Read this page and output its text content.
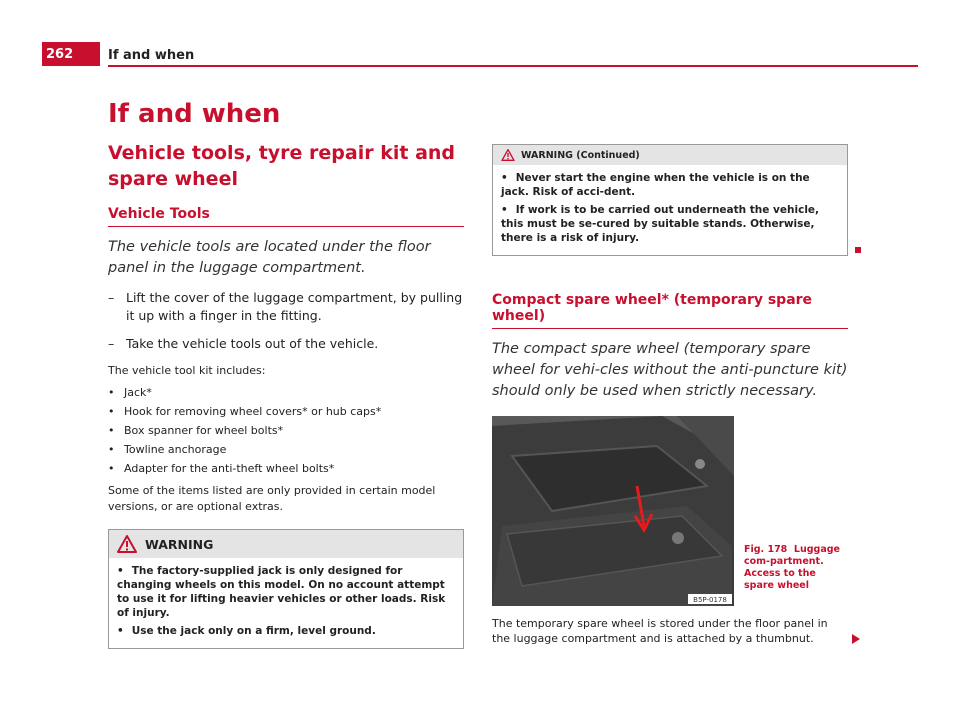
262	If and when
If and when
Vehicle tools, tyre repair kit and spare wheel
Vehicle Tools

The vehicle tools are located under the floor panel in the luggage compartment.

– Lift the cover of the luggage compartment, by pulling it up with a finger in the fitting.
– Take the vehicle tools out of the vehicle.

The vehicle tool kit includes:

• Jack*
• Hook for removing wheel covers* or hub caps*
• Box spanner for wheel bolts*
• Towline anchorage
• Adapter for the anti-theft wheel bolts*

Some of the items listed are only provided in certain model versions, or are optional extras.

WARNING
• The factory-supplied jack is only designed for changing wheels on this model. On no account attempt to use it for lifting heavier vehicles or other loads. Risk of injury.
• Use the jack only on a firm, level ground.
WARNING (Continued)
• Never start the engine when the vehicle is on the jack. Risk of acci-dent.
• If work is to be carried out underneath the vehicle, this must be se-cured by suitable stands. Otherwise, there is a risk of injury.
Compact spare wheel* (temporary spare wheel)

The compact spare wheel (temporary spare wheel for vehi-cles without the anti-puncture kit) should only be used when strictly necessary.

B5P-0178
Fig. 178 Luggage com-partment. Access to the spare wheel

The temporary spare wheel is stored under the floor panel in the luggage compartment and is attached by a thumbnut.
